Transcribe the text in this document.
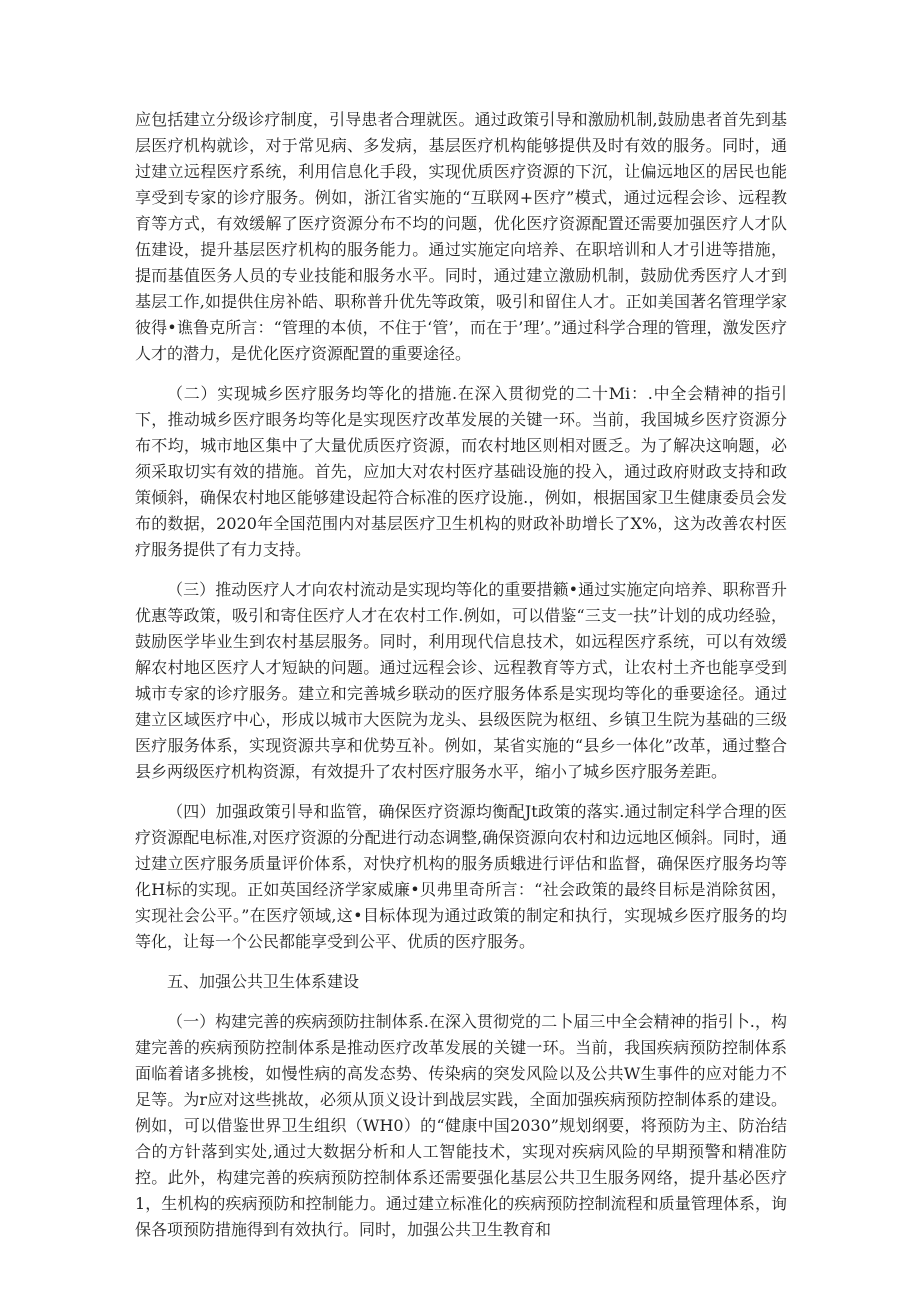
应包括建立分级诊疗制度，引导患者合理就医。通过政策引导和激励机制,鼓励患者首先到基层医疗机构就诊，对于常见病、多发病，基层医疗机构能够提供及时有效的服务。同时，通过建立远程医疗系统，利用信息化手段，实现优质医疗资源的下沉，让偏远地区的居民也能享受到专家的诊疗服务。例如，浙江省实施的“互联网+医疗”模式，通过远程会诊、远程教育等方式，有效缓解了医疗资源分布不均的问题，优化医疗资源配置还需要加强医疗人才队伍建设，提升基层医疗机构的服务能力。通过实施定向培养、在职培训和人才引进等措施，提而基值医务人员的专业技能和服务水平。同时，通过建立激励机制，鼓励优秀医疗人才到基层工作,如提供住房补皓、职称普升优先等政策，吸引和留住人才。正如美国著名管理学家彼得•谯鲁克所言：“管理的本侦，不住于‘管’，而在于’理’。”通过科学合理的管理，激发医疗人才的潜力，是优化医疗资源配置的重要途径。

（二）实现城乡医疗服务均等化的措施.在深入贯彻党的二十Mi：.中全会精神的指引下，推动城乡医疗眼务均等化是实现医疗改革发展的关键一环。当前，我国城乡医疗资源分布不均，城市地区集中了大量优质医疗资源，而农村地区则相对匮乏。为了解决这响题，必须采取切实有效的措施。首先，应加大对农村医疗基础设施的投入，通过政府财政支持和政策倾斜，确保农村地区能够建设起符合标准的医疗设施.，例如，根据国家卫生健康委员会发布的数据，2020年全国范围内对基层医疗卫生机构的财政补助增长了X%，这为改善农村医疗服务提供了有力支持。

（三）推动医疗人才向农村流动是实现均等化的重要措籁•通过实施定向培养、职称晋升优惠等政策，吸引和寄住医疗人才在农村工作.例如，可以借鉴“三支一扶”计划的成功经验，鼓励医学毕业生到农村基层服务。同时，利用现代信息技术，如远程医疗系统，可以有效缓解农村地区医疗人才短缺的问题。通过远程会诊、远程教育等方式，让农村土齐也能享受到城市专家的诊疗服务。建立和完善城乡联动的医疗服务体系是实现均等化的垂要途径。通过建立区域医疗中心，形成以城市大医院为龙头、县级医院为枢纽、乡镇卫生院为基础的三级医疗服务体系，实现资源共享和优势互补。例如，某省实施的“县乡一体化”改革，通过整合县乡两级医疗机构资源，有效提升了农村医疗服务水平，缩小了城乡医疗服务差距。

（四）加强政策引导和监管，确保医疗资源均衡配Jt政策的落实.通过制定科学合理的医疗资源配电标准,对医疗资源的分配进行动态调整,确保资源向农村和边远地区倾斜。同时，通过建立医疗服务质量评价体系，对快疗机构的服务质蛾进行评估和监督，确保医疗服务均等化H标的实现。正如英国经济学家威廉•贝弗里奇所言：“社会政策的最终目标是消除贫困，实现社会公平。”在医疗领域,这•目标体现为通过政策的制定和执行，实现城乡医疗服务的均等化，让每一个公民都能享受到公平、优质的医疗服务。

五、加强公共卫生体系建设

（一）构建完善的疾病颈防拄制体系.在深入贯彻党的二卜届三中全会精神的指引卜.，构建完善的疾病预防控制体系是推动医疗改革发展的关键一环。当前，我国疾病预防控制体系面临着诸多挑梭，如慢性病的高发态势、传染病的突发风险以及公共W生事件的应对能力不足等。为r应对这些挑故，必须从顶义设计到战层实践，全面加强疾病预防控制体系的建设。例如，可以借鉴世界卫生组织（WH0）的“健康中国2030”规划纲要，将预防为主、防治结合的方针落到实处,通过大数据分析和人工智能技术，实现对疾病风险的早期预警和精准防控。此外，构建完善的疾病预防控制体系还需要强化基层公共卫生服务网络，提升基必医疗1，生机构的疾病预防和控制能力。通过建立标准化的疾病预防控制流程和质量管理体系，询保各项预防措施得到有效执行。同时，加强公共卫生教育和
